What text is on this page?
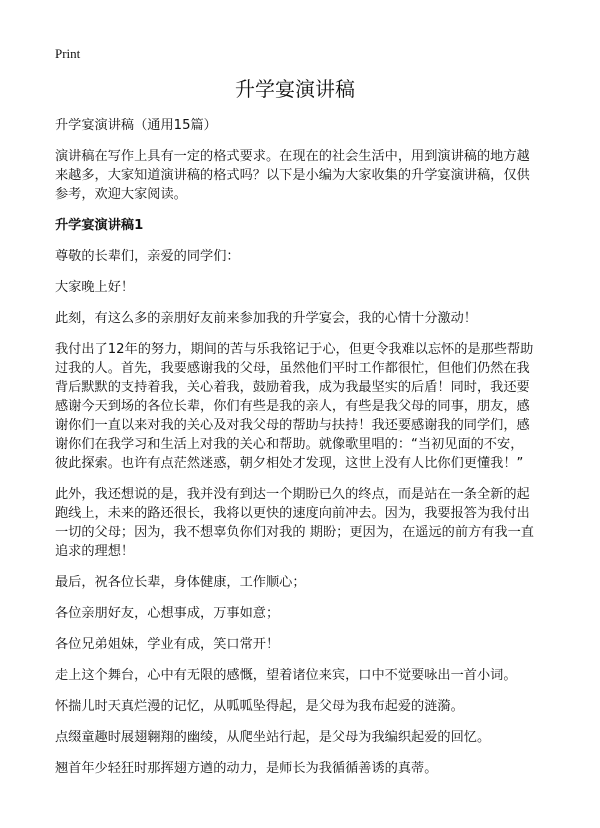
Print
升学宴演讲稿

升学宴演讲稿（通用15篇）

演讲稿在写作上具有一定的格式要求。在现在的社会生活中，用到演讲稿的地方越来越多，大家知道演讲稿的格式吗？以下是小编为大家收集的升学宴演讲稿，仅供参考，欢迎大家阅读。

升学宴演讲稿1

尊敬的长辈们，亲爱的同学们：

大家晚上好！

此刻，有这么多的亲朋好友前来参加我的升学宴会，我的心情十分激动！

我付出了12年的努力，期间的苦与乐我铭记于心，但更令我难以忘怀的是那些帮助过我的人。首先，我要感谢我的父母，虽然他们平时工作都很忙，但他们仍然在我背后默默的支持着我，关心着我，鼓励着我，成为我最坚实的后盾！同时，我还要感谢今天到场的各位长辈，你们有些是我的亲人，有些是我父母的同事，朋友，感谢你们一直以来对我的关心及对我父母的帮助与扶持！我还要感谢我的同学们，感谢你们在我学习和生活上对我的关心和帮助。就像歌里唱的：“当初见面的不安，彼此探索。也许有点茫然迷惑，朝夕相处才发现，这世上没有人比你们更懂我！”

此外，我还想说的是，我并没有到达一个期盼已久的终点，而是站在一条全新的起跑线上，未来的路还很长，我将以更快的速度向前冲去。因为，我要报答为我付出一切的父母；因为，我不想辜负你们对我的 期盼；更因为，在遥远的前方有我一直追求的理想！

最后，祝各位长辈，身体健康，工作顺心；

各位亲朋好友，心想事成，万事如意；

各位兄弟姐妹，学业有成，笑口常开！

走上这个舞台，心中有无限的感慨，望着诸位来宾，口中不觉要咏出一首小词。

怀揣儿时天真烂漫的记忆，从呱呱坠得起，是父母为我布起爱的涟漪。

点缀童趣时展翅翱翔的幽绫，从爬坐站行起，是父母为我编织起爱的回忆。

翘首年少轻狂时那挥翅方遒的动力，是师长为我循循善诱的真蒂。
